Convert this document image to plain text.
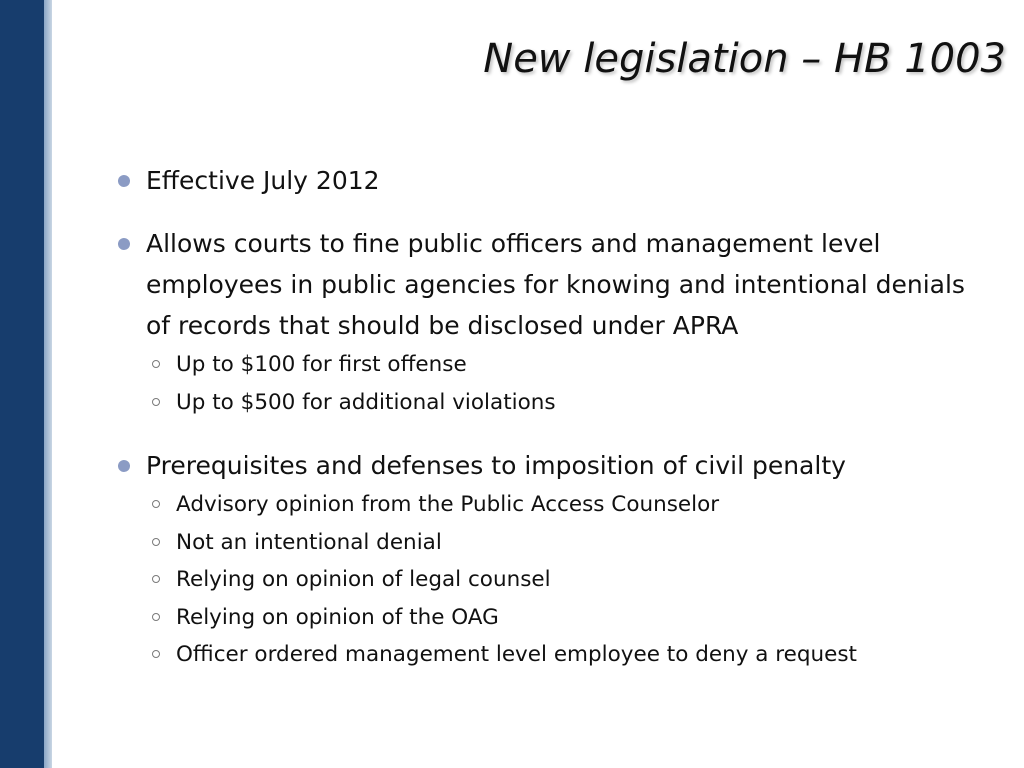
New legislation – HB 1003
Effective July 2012
Allows courts to fine public officers and management level employees in public agencies for knowing and intentional denials of records that should be disclosed under APRA
Up to $100 for first offense
Up to $500 for additional violations
Prerequisites and defenses to imposition of civil penalty
Advisory opinion from the Public Access Counselor
Not an intentional denial
Relying on opinion of legal counsel
Relying on opinion of the OAG
Officer ordered management level employee to deny a request
